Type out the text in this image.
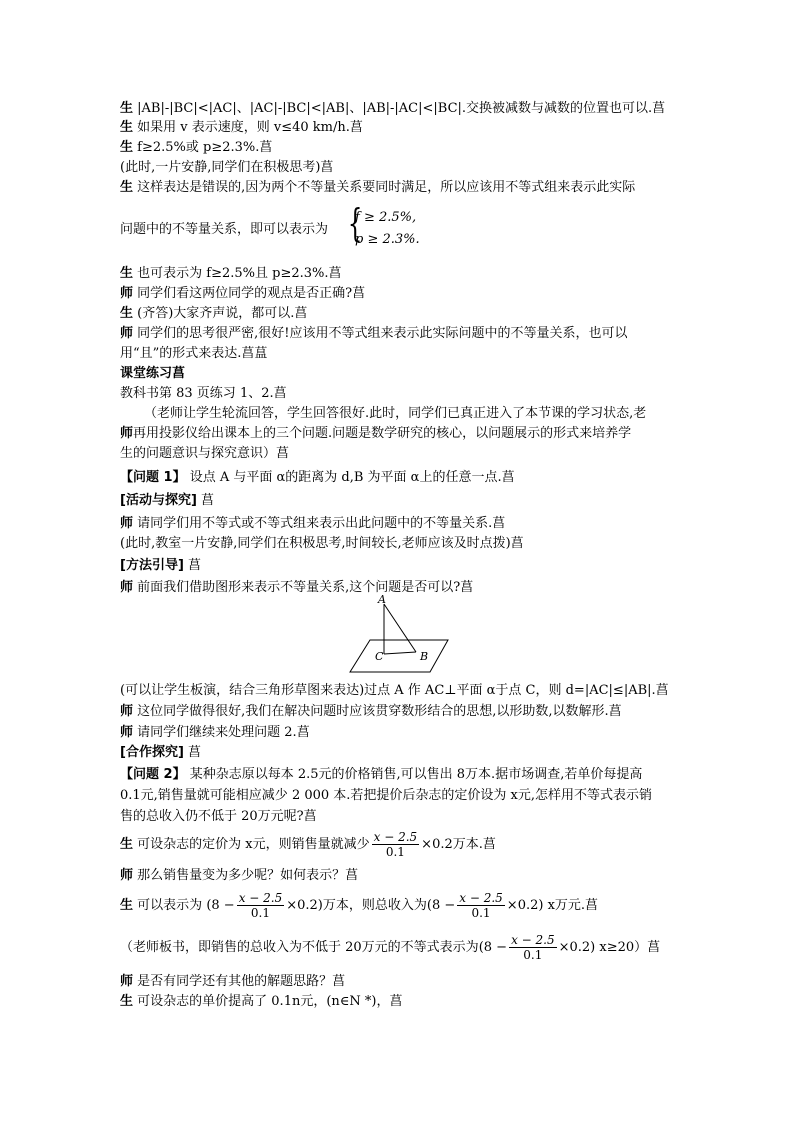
生 |AB|-|BC|<|AC|、|AC|-|BC|<|AB|、|AB|-|AC|<|BC|.交换被减数与减数的位置也可以.菖
生 如果用 v 表示速度，则 v≤40 km/h.菖
生 f≥2.5%或 p≥2.3%.菖
(此时,一片安静,同学们在积极思考)菖
生 这样表达是错误的,因为两个不等量关系要同时满足，所以应该用不等式组来表示此实际
问题中的不等量关系，即可以表示为 {
f ≥ 2.5%,
p ≥ 2.3%.
生 也可表示为 f≥2.5%且 p≥2.3%.菖
师 同学们看这两位同学的观点是否正确?菖
生 (齐答)大家齐声说，都可以.菖
师 同学们的思考很严密,很好!应该用不等式组来表示此实际问题中的不等量关系，也可以
用“且”的形式来表达.菖蒀
课堂练习菖
教科书第 83 页练习 1、2.菖
（老师让学生轮流回答，学生回答很好.此时，同学们已真正进入了本节课的学习状态,老
师再用投影仪给出课本上的三个问题.问题是数学研究的核心，以问题展示的形式来培养学
生的问题意识与探究意识）菖
【问题 1】 设点 A 与平面 α的距离为 d,B 为平面 α上的任意一点.菖
[活动与探究] 菖
师 请同学们用不等式或不等式组来表示出此问题中的不等量关系.菖
(此时,教室一片安静,同学们在积极思考,时间较长,老师应该及时点拨)菖
[方法引导] 菖
师 前面我们借助图形来表示不等量关系,这个问题是否可以?菖
A
B
C
(可以让学生板演，结合三角形草图来表达)过点 A 作 AC⊥平面 α于点 C，则 d=|AC|≤|AB|.菖
师 这位同学做得很好,我们在解决问题时应该贯穿数形结合的思想,以形助数,以数解形.菖
师 请同学们继续来处理问题 2.菖
[合作探究] 菖
【问题 2】 某种杂志原以每本 2.5元的价格销售,可以售出 8万本.据市场调查,若单价每提高
0.1元,销售量就可能相应减少 2 000 本.若把提价后杂志的定价设为 x元,怎样用不等式表示销
售的总收入仍不低于 20万元呢?菖
生 可设杂志的定价为 x元，则销售量就减少 $\frac{x - 2.5}{0.1} \times 0.2$万本.菖
师 那么销售量变为多少呢？如何表示？菖
生 可以表示为 $(8 - \frac{x - 2.5}{0.1} \times 0.2)$万本，则总收入为$(8 - \frac{x - 2.5}{0.1} \times 0.2)$ x万元.菖
（老师板书，即销售的总收入为不低于 20万元的不等式表示为$(8 - \frac{x - 2.5}{0.1} \times 0.2)$ x≥20）菖
师 是否有同学还有其他的解题思路？菖
生 可设杂志的单价提高了 0.1n元，(n∈N *)，菖
